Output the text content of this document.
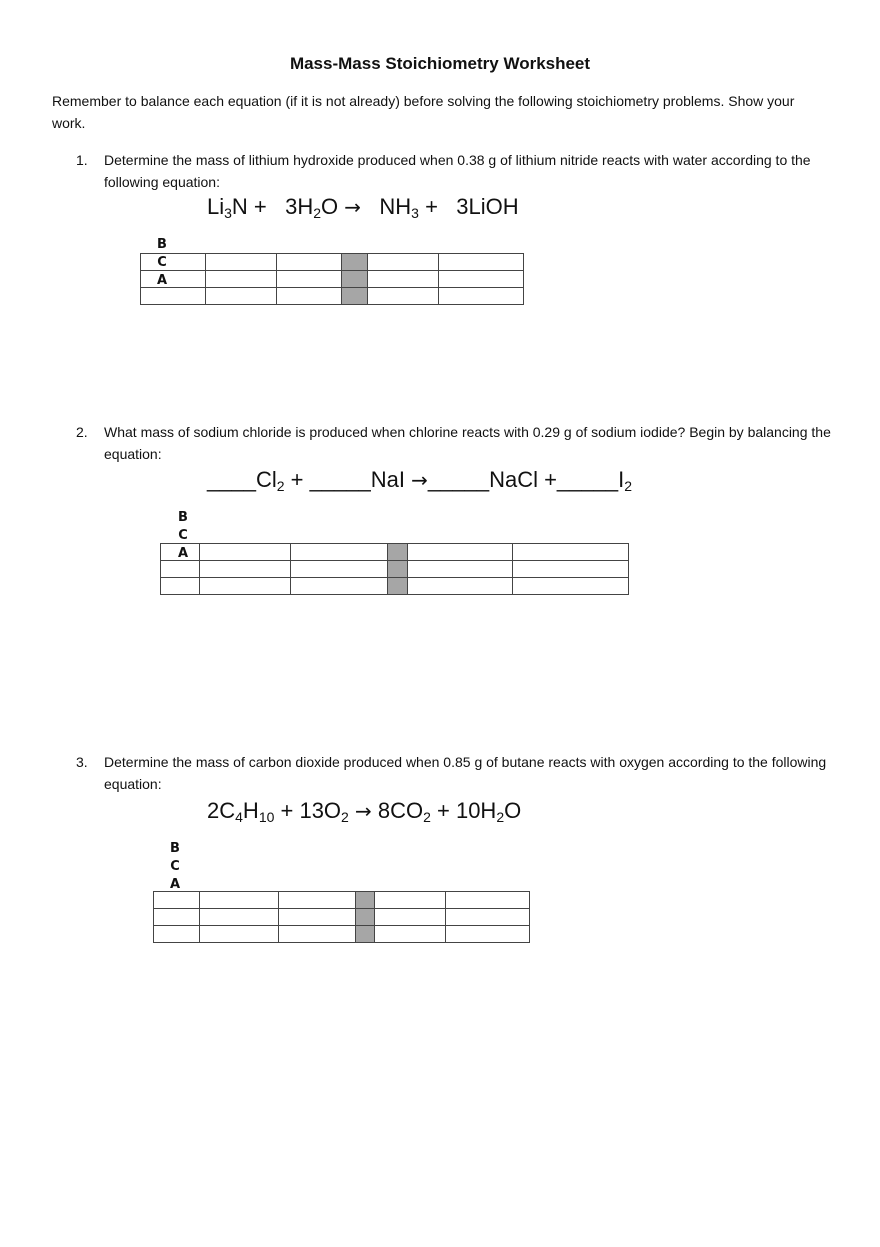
Mass-Mass Stoichiometry Worksheet
Remember to balance each equation (if it is not already) before solving the following stoichiometry problems. Show your work.
1. Determine the mass of lithium hydroxide produced when 0.38 g of lithium nitride reacts with water according to the following equation:
$Li_3N + 3H_2O \to NH_3$ +   3LiOH
B
C
A

2. What mass of sodium chloride is produced when chlorine reacts with 0.29 g of sodium iodide? Begin by balancing the equation:
$\_\_\_\_Cl_2$ + _____NaI →_____NaCl $+\_\_\_\_\_I_2$
B
C
A

3. Determine the mass of carbon dioxide produced when 0.85 g of butane reacts with oxygen according to the following equation:
$2C_4H_{10} + 13O_2 \to 8CO_2 + 10H_2O$
B
C
A
